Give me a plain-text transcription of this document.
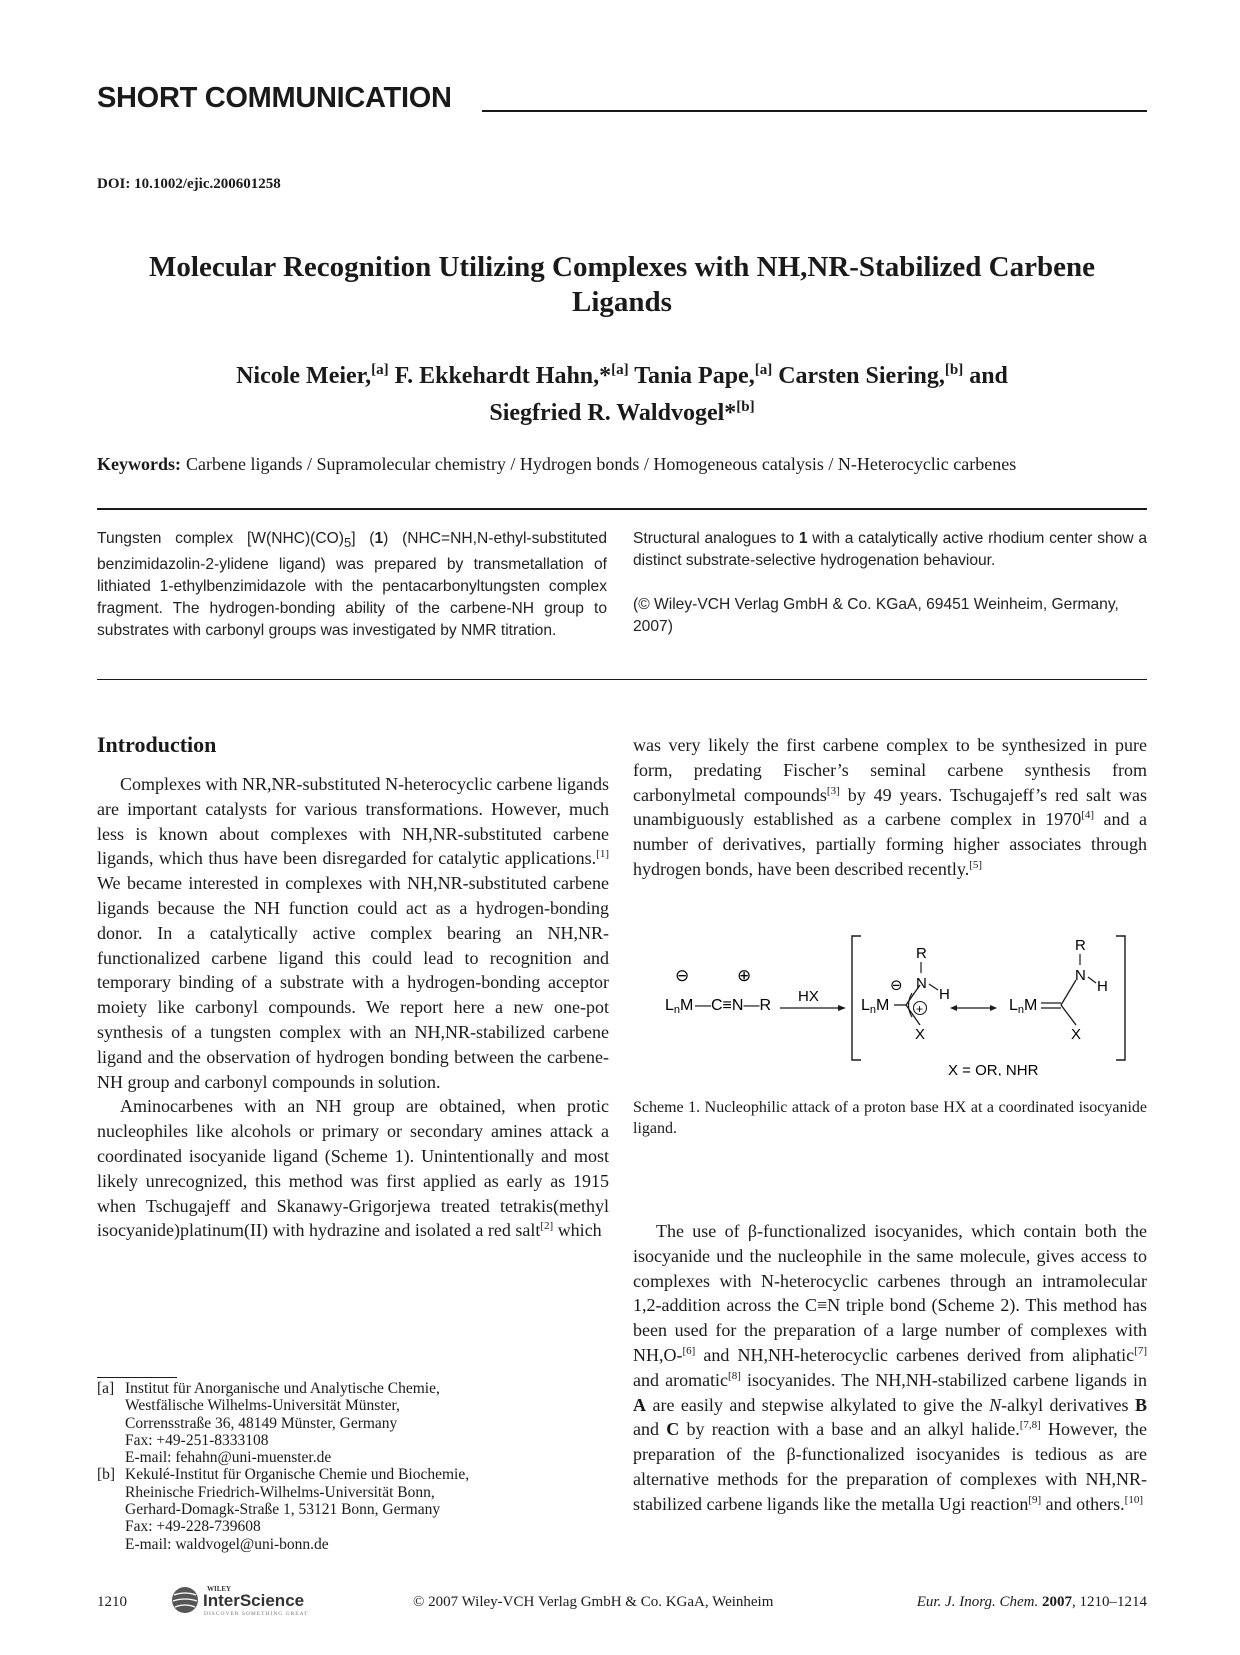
SHORT COMMUNICATION
DOI: 10.1002/ejic.200601258
Molecular Recognition Utilizing Complexes with NH,NR-Stabilized Carbene
Ligands
Nicole Meier,[a] F. Ekkehardt Hahn,*[a] Tania Pape,[a] Carsten Siering,[b] and
Siegfried R. Waldvogel*[b]
Keywords: Carbene ligands / Supramolecular chemistry / Hydrogen bonds / Homogeneous catalysis / N-Heterocyclic carbenes
Tungsten complex $[W(NHC)(CO)_5]$ (1) (NHC=NH,N-ethyl-substituted benzimidazolin-2-ylidene ligand) was prepared by transmetallation of lithiated 1-ethylbenzimidazole with the pentacarbonyltungsten complex fragment. The hydrogen-bonding ability of the carbene-NH group to substrates with carbonyl groups was investigated by NMR titration.
Structural analogues to 1 with a catalytically active rhodium center show a distinct substrate-selective hydrogenation behaviour.
(© Wiley-VCH Verlag GmbH & Co. KGaA, 69451 Weinheim, Germany, 2007)
Introduction

Complexes with NR,NR-substituted N-heterocyclic carbene ligands are important catalysts for various transformations. However, much less is known about complexes with NH,NR-substituted carbene ligands, which thus have been disregarded for catalytic applications.[1] We became interested in complexes with NH,NR-substituted carbene ligands because the NH function could act as a hydrogen-bonding donor. In a catalytically active complex bearing an NH,NR-functionalized carbene ligand this could lead to recognition and temporary binding of a substrate with a hydrogen-bonding acceptor moiety like carbonyl compounds. We report here a new one-pot synthesis of a tungsten complex with an NH,NR-stabilized carbene ligand and the observation of hydrogen bonding between the carbene-NH group and carbonyl compounds in solution.

Aminocarbenes with an NH group are obtained, when protic nucleophiles like alcohols or primary or secondary amines attack a coordinated isocyanide ligand (Scheme 1). Unintentionally and most likely unrecognized, this method was first applied as early as 1915 when Tschugajeff and Skanawy-Grigorjewa treated tetrakis(methyl isocyanide)platinum(II) with hydrazine and isolated a red salt[2] which

was very likely the first carbene complex to be synthesized in pure form, predating Fischer’s seminal carbene synthesis from carbonylmetal compounds[3] by 49 years. Tschugajeff’s red salt was unambiguously established as a carbene complex in 1970[4] and a number of derivatives, partially forming higher associates through hydrogen bonds, have been described recently.[5]
⊖	⊕
LnM —C≡N—R
HX
⊖
LnM +
R
N
H
X
LnM
R
N
H
X
X = OR, NHR
Scheme 1. Nucleophilic attack of a proton base HX at a coordinated isocyanide ligand.

The use of β-functionalized isocyanides, which contain both the isocyanide und the nucleophile in the same molecule, gives access to complexes with N-heterocyclic carbenes through an intramolecular 1,2-addition across the C≡N triple bond (Scheme 2). This method has been used for the preparation of a large number of complexes with NH,O-[6] and NH,NH-heterocyclic carbenes derived from aliphatic[7] and aromatic[8] isocyanides. The NH,NH-stabilized carbene ligands in A are easily and stepwise alkylated to give the N-alkyl derivatives B and C by reaction with a base and an alkyl halide.[7,8] However, the preparation of the β-functionalized isocyanides is tedious as are alternative methods for the preparation of complexes with NH,NR-stabilized carbene ligands like the metalla Ugi reaction[9] and others.[10]

[a] Institut für Anorganische und Analytische Chemie,
Westfälische Wilhelms-Universität Münster,
Corrensstraße 36, 48149 Münster, Germany
Fax: +49-251-8333108
E-mail: fehahn@uni-muenster.de
[b] Kekulé-Institut für Organische Chemie und Biochemie,
Rheinische Friedrich-Wilhelms-Universität Bonn,
Gerhard-Domagk-Straße 1, 53121 Bonn, Germany
Fax: +49-228-739608
E-mail: waldvogel@uni-bonn.de
1210
WILEY
InterScience
DISCOVER SOMETHING GREAT
© 2007 Wiley-VCH Verlag GmbH & Co. KGaA, Weinheim	Eur. J. Inorg. Chem. 2007, 1210–1214
